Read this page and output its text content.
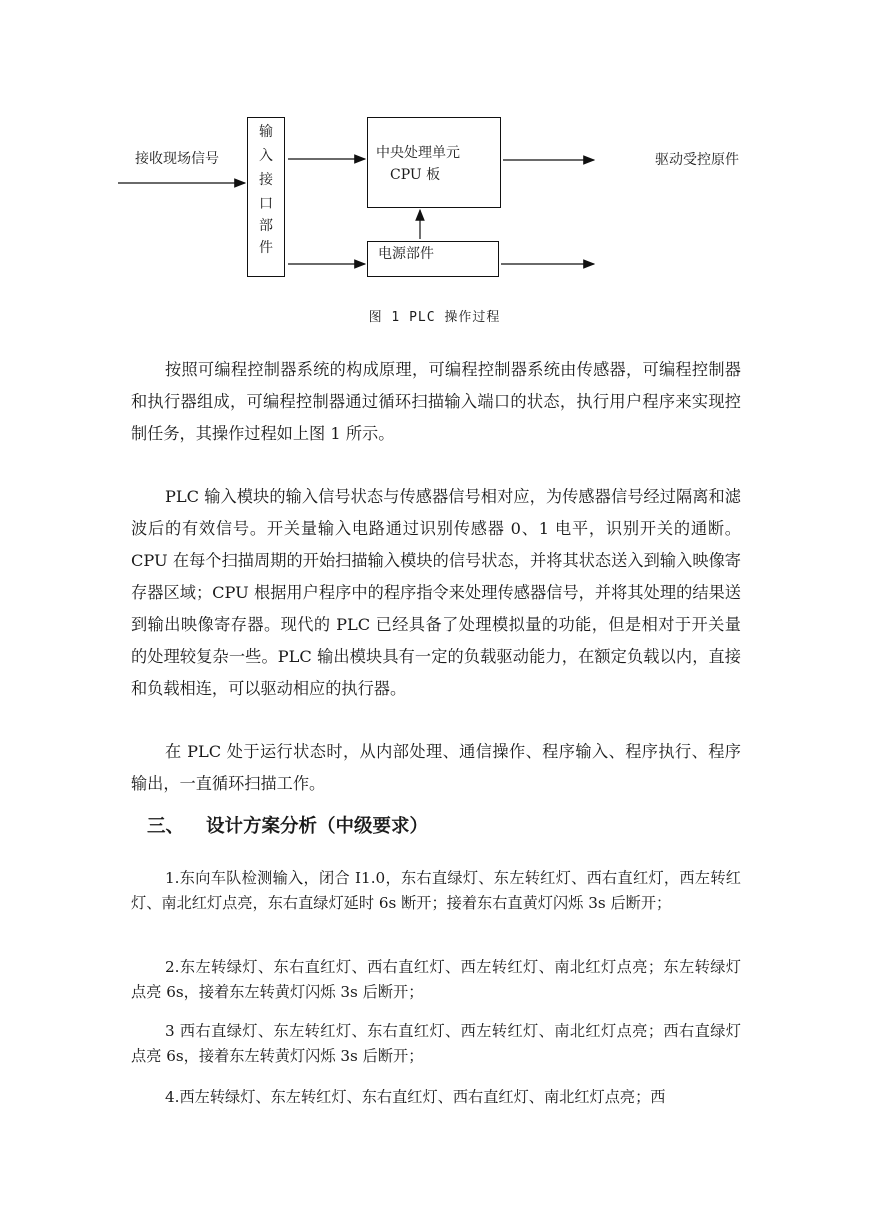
接收现场信号
输
入
接
口
部
件
中央处理单元
CPU 板
电源部件
驱动受控原件
图 1 PLC 操作过程

按照可编程控制器系统的构成原理，可编程控制器系统由传感器，可编程控制器和执行器组成，可编程控制器通过循环扫描输入端口的状态，执行用户程序来实现控制任务，其操作过程如上图 1 所示。

PLC 输入模块的输入信号状态与传感器信号相对应，为传感器信号经过隔离和滤波后的有效信号。开关量输入电路通过识别传感器 0、1 电平，识别开关的通断。CPU 在每个扫描周期的开始扫描输入模块的信号状态，并将其状态送入到输入映像寄存器区域；CPU 根据用户程序中的程序指令来处理传感器信号，并将其处理的结果送到输出映像寄存器。现代的 PLC 已经具备了处理模拟量的功能，但是相对于开关量的处理较复杂一些。PLC 输出模块具有一定的负载驱动能力，在额定负载以内，直接和负载相连，可以驱动相应的执行器。

在 PLC 处于运行状态时，从内部处理、通信操作、程序输入、程序执行、程序输出，一直循环扫描工作。

三、 设计方案分析（中级要求）

1.东向车队检测输入，闭合 I1.0，东右直绿灯、东左转红灯、西右直红灯，西左转红灯、南北红灯点亮，东右直绿灯延时 6s 断开；接着东右直黄灯闪烁 3s 后断开；

2.东左转绿灯、东右直红灯、西右直红灯、西左转红灯、南北红灯点亮；东左转绿灯点亮 6s，接着东左转黄灯闪烁 3s 后断开；

3 西右直绿灯、东左转红灯、东右直红灯、西左转红灯、南北红灯点亮；西右直绿灯点亮 6s，接着东左转黄灯闪烁 3s 后断开；

4.西左转绿灯、东左转红灯、东右直红灯、西右直红灯、南北红灯点亮；西
